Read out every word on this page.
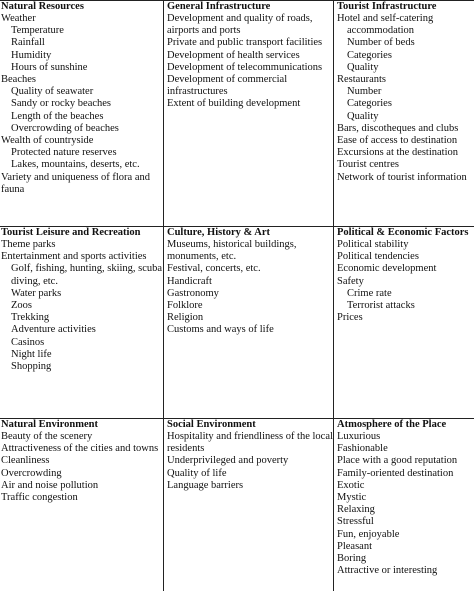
Natural Resources
Weather
Temperature
Rainfall
Humidity
Hours of sunshine
Beaches
Quality of seawater
Sandy or rocky beaches
Length of the beaches
Overcrowding of beaches
Wealth of countryside
Protected nature reserves
Lakes, mountains, deserts, etc.
Variety and uniqueness of flora and fauna
General Infrastructure
Development and quality of roads, airports and ports
Private and public transport facilities
Development of health services
Development of telecommunications
Development of commercial infrastructures
Extent of building development
Tourist Infrastructure
Hotel and self-catering
accommodation
Number of beds
Categories
Quality
Restaurants
Number
Categories
Quality
Bars, discotheques and clubs
Ease of access to destination
Excursions at the destination
Tourist centres
Network of tourist information
Tourist Leisure and Recreation
Theme parks
Entertainment and sports activities
Golf, fishing, hunting, skiing, scuba diving, etc.
Water parks
Zoos
Trekking
Adventure activities
Casinos
Night life
Shopping
Culture, History & Art
Museums, historical buildings, monuments, etc.
Festival, concerts, etc.
Handicraft
Gastronomy
Folklore
Religion
Customs and ways of life
Political & Economic Factors
Political stability
Political tendencies
Economic development
Safety
Crime rate
Terrorist attacks
Prices
Natural Environment
Beauty of the scenery
Attractiveness of the cities and towns
Cleanliness
Overcrowding
Air and noise pollution
Traffic congestion
Social Environment
Hospitality and friendliness of the local residents
Underprivileged and poverty
Quality of life
Language barriers
Atmosphere of the Place
Luxurious
Fashionable
Place with a good reputation
Family-oriented destination
Exotic
Mystic
Relaxing
Stressful
Fun, enjoyable
Pleasant
Boring
Attractive or interesting
